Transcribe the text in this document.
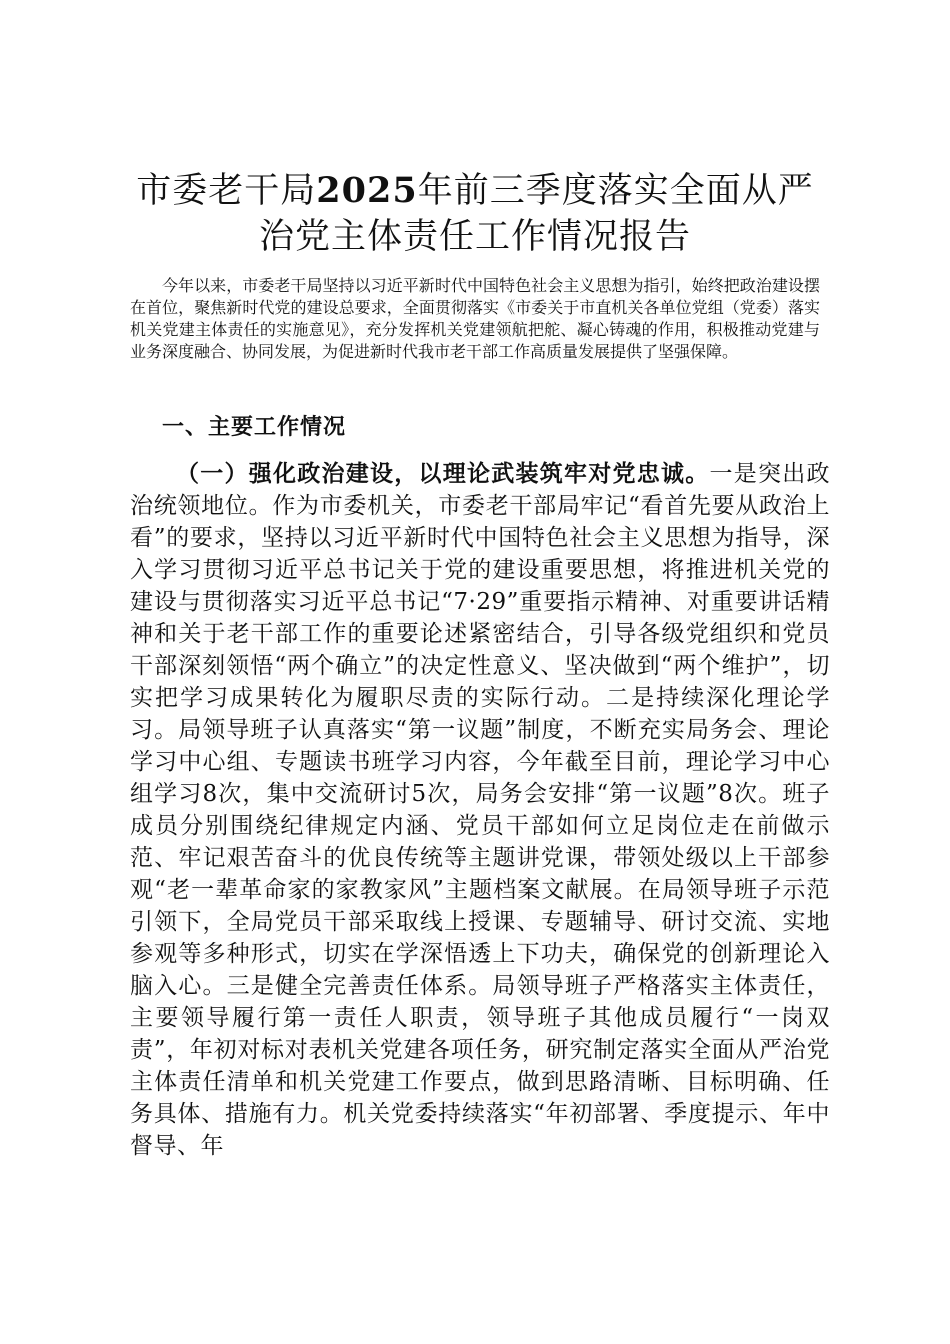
市委老干局2025年前三季度落实全面从严治党主体责任工作情况报告

今年以来，市委老干局坚持以习近平新时代中国特色社会主义思想为指引，始终把政治建设摆在首位，聚焦新时代党的建设总要求，全面贯彻落实《市委关于市直机关各单位党组（党委）落实机关党建主体责任的实施意见》，充分发挥机关党建领航把舵、凝心铸魂的作用，积极推动党建与业务深度融合、协同发展，为促进新时代我市老干部工作高质量发展提供了坚强保障。

一、主要工作情况

（一）强化政治建设，以理论武装筑牢对党忠诚。一是突出政治统领地位。作为市委机关，市委老干部局牢记“看首先要从政治上看”的要求，坚持以习近平新时代中国特色社会主义思想为指导，深入学习贯彻习近平总书记关于党的建设重要思想，将推进机关党的建设与贯彻落实习近平总书记“7·29”重要指示精神、对重要讲话精神和关于老干部工作的重要论述紧密结合，引导各级党组织和党员干部深刻领悟“两个确立”的决定性意义、坚决做到“两个维护”，切实把学习成果转化为履职尽责的实际行动。二是持续深化理论学习。局领导班子认真落实“第一议题”制度，不断充实局务会、理论学习中心组、专题读书班学习内容，今年截至目前，理论学习中心组学习8次，集中交流研讨5次，局务会安排“第一议题”8次。班子成员分别围绕纪律规定内涵、党员干部如何立足岗位走在前做示范、牢记艰苦奋斗的优良传统等主题讲党课，带领处级以上干部参观“老一辈革命家的家教家风”主题档案文献展。在局领导班子示范引领下，全局党员干部采取线上授课、专题辅导、研讨交流、实地参观等多种形式，切实在学深悟透上下功夫，确保党的创新理论入脑入心。三是健全完善责任体系。局领导班子严格落实主体责任，主要领导履行第一责任人职责，领导班子其他成员履行“一岗双责”，年初对标对表机关党建各项任务，研究制定落实全面从严治党主体责任清单和机关党建工作要点，做到思路清晰、目标明确、任务具体、措施有力。机关党委持续落实“年初部署、季度提示、年中督导、年
